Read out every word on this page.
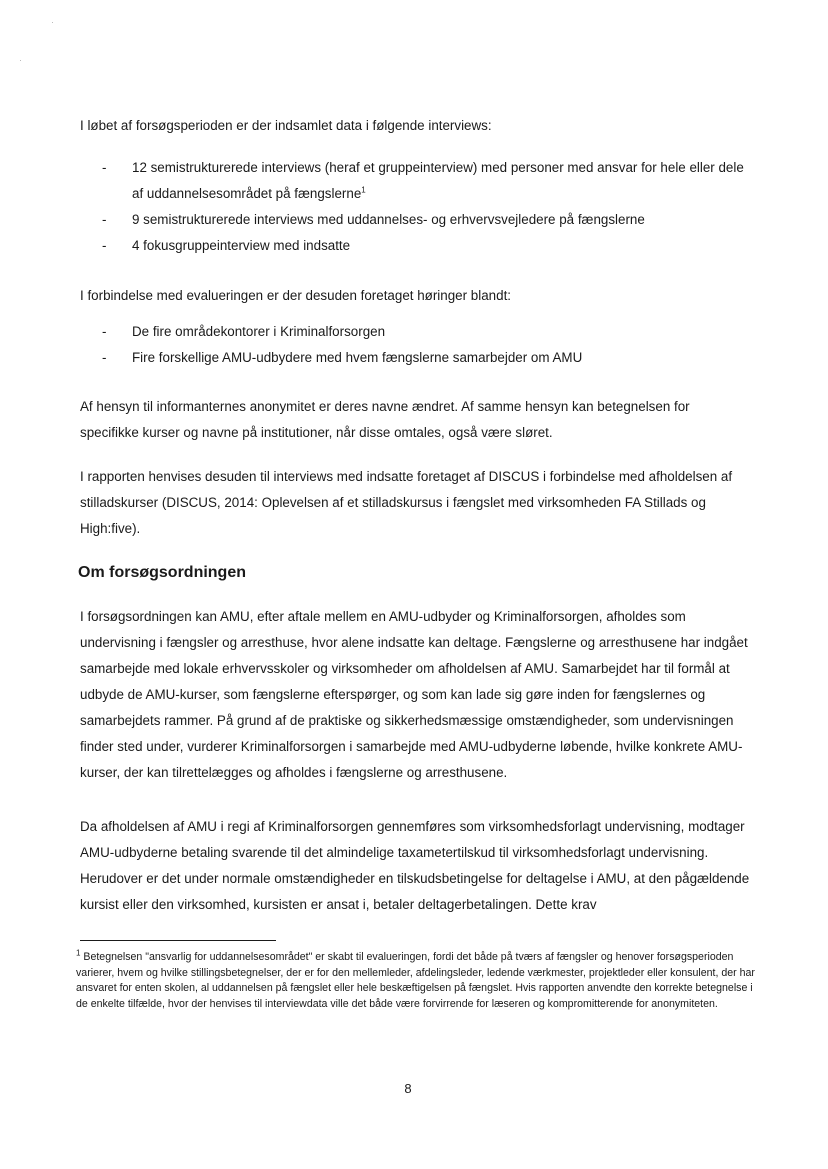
I løbet af forsøgsperioden er der indsamlet data i følgende interviews:

- 12 semistrukturerede interviews (heraf et gruppeinterview) med personer med ansvar for hele eller dele af uddannelsesområdet på fængslerne$^1$
- 9 semistrukturerede interviews med uddannelses- og erhvervsvejledere på fængslerne
- 4 fokusgruppeinterview med indsatte

I forbindelse med evalueringen er der desuden foretaget høringer blandt:

- De fire områdekontorer i Kriminalforsorgen
- Fire forskellige AMU-udbydere med hvem fængslerne samarbejder om AMU

Af hensyn til informanternes anonymitet er deres navne ændret. Af samme hensyn kan betegnelsen for specifikke kurser og navne på institutioner, når disse omtales, også være sløret.

I rapporten henvises desuden til interviews med indsatte foretaget af DISCUS i forbindelse med afholdelsen af stilladskurser (DISCUS, 2014: Oplevelsen af et stilladskursus i fængslet med virksomheden FA Stillads og High:five).

Om forsøgsordningen

I forsøgsordningen kan AMU, efter aftale mellem en AMU-udbyder og Kriminalforsorgen, afholdes som undervisning i fængsler og arresthuse, hvor alene indsatte kan deltage. Fængslerne og arresthusene har indgået samarbejde med lokale erhvervsskoler og virksomheder om afholdelsen af AMU. Samarbejdet har til formål at udbyde de AMU-kurser, som fængslerne efterspørger, og som kan lade sig gøre inden for fængslernes og samarbejdets rammer. På grund af de praktiske og sikkerhedsmæssige omstændigheder, som undervisningen finder sted under, vurderer Kriminalforsorgen i samarbejde med AMU-udbyderne løbende, hvilke konkrete AMU-kurser, der kan tilrettelægges og afholdes i fængslerne og arresthusene.

Da afholdelsen af AMU i regi af Kriminalforsorgen gennemføres som virksomhedsforlagt undervisning, modtager AMU-udbyderne betaling svarende til det almindelige taxametertilskud til virksomhedsforlagt undervisning. Herudover er det under normale omstændigheder en tilskudsbetingelse for deltagelse i AMU, at den pågældende kursist eller den virksomhed, kursisten er ansat i, betaler deltagerbetalingen. Dette krav

$^1$ Betegnelsen "ansvarlig for uddannelsesområdet" er skabt til evalueringen, fordi det både på tværs af fængsler og henover forsøgsperioden varierer, hvem og hvilke stillingsbetegnelser, der er for den mellemleder, afdelingsleder, ledende værkmester, projektleder eller konsulent, der har ansvaret for enten skolen, al uddannelsen på fængslet eller hele beskæftigelsen på fængslet. Hvis rapporten anvendte den korrekte betegnelse i de enkelte tilfælde, hvor der henvises til interviewdata ville det både være forvirrende for læseren og kompromitterende for anonymiteten.

8
